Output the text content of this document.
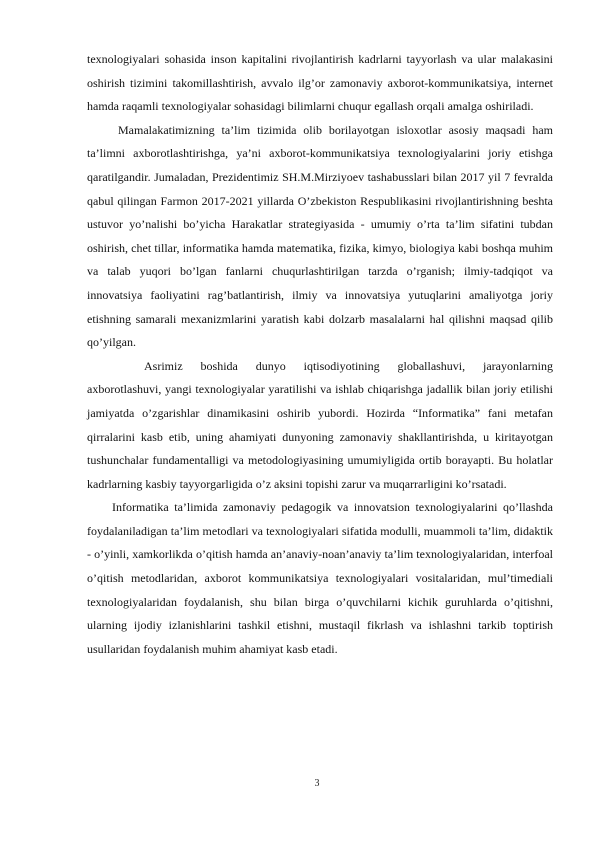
texnologiyalari sohasida inson kapitalini rivojlantirish kadrlarni tayyorlash va ular malakasini oshirish tizimini takomillashtirish, avvalo ilg’or zamonaviy axborot-kommunikatsiya, internet hamda raqamli texnologiyalar sohasidagi bilimlarni chuqur egallash orqali amalga oshiriladi.

Mamalakatimizning ta’lim tizimida olib borilayotgan isloxotlar asosiy maqsadi ham ta’limni axborotlashtirishga, ya’ni axborot-kommunikatsiya texnologiyalarini joriy etishga qaratilgandir. Jumaladan, Prezidentimiz SH.M.Mirziyoev tashabusslari bilan 2017 yil 7 fevralda qabul qilingan Farmon 2017-2021 yillarda O’zbekiston Respublikasini rivojlantirishning beshta ustuvor yo’nalishi bo’yicha Harakatlar strategiyasida - umumiy o’rta ta’lim sifatini tubdan oshirish, chet tillar, informatika hamda matematika, fizika, kimyo, biologiya kabi boshqa muhim va talab yuqori bo’lgan fanlarni chuqurlashtirilgan tarzda o’rganish; ilmiy-tadqiqot va innovatsiya faoliyatini rag’batlantirish, ilmiy va innovatsiya yutuqlarini amaliyotga joriy etishning samarali mexanizmlarini yaratish kabi dolzarb masalalarni hal qilishni maqsad qilib qo’yilgan.

Asrimiz boshida dunyo iqtisodiyotining globallashuvi, jarayonlarning axborotlashuvi, yangi texnologiyalar yaratilishi va ishlab chiqarishga jadallik bilan joriy etilishi jamiyatda o’zgarishlar dinamikasini oshirib yubordi. Hozirda “Informatika” fani metafan qirralarini kasb etib, uning ahamiyati dunyoning zamonaviy shakllantirishda, u kiritayotgan tushunchalar fundamentalligi va metodologiyasining umumiyligida ortib borayapti. Bu holatlar kadrlarning kasbiy tayyorgarligida o’z aksini topishi zarur va muqarrarligini ko’rsatadi.

Informatika ta’limida zamonaviy pedagogik va innovatsion texnologiyalarini qo’llashda foydalaniladigan ta’lim metodlari va texnologiyalari sifatida modulli, muammoli ta’lim, didaktik - o’yinli, xamkorlikda o’qitish hamda an’anaviy-noan’anaviy ta’lim texnologiyalaridan, interfoal o’qitish metodlaridan, axborot kommunikatsiya texnologiyalari vositalaridan, mul’timediali texnologiyalaridan foydalanish, shu bilan birga o’quvchilarni kichik guruhlarda o’qitishni, ularning ijodiy izlanishlarini tashkil etishni, mustaqil fikrlash va ishlashni tarkib toptirish usullaridan foydalanish muhim ahamiyat kasb etadi.

3
